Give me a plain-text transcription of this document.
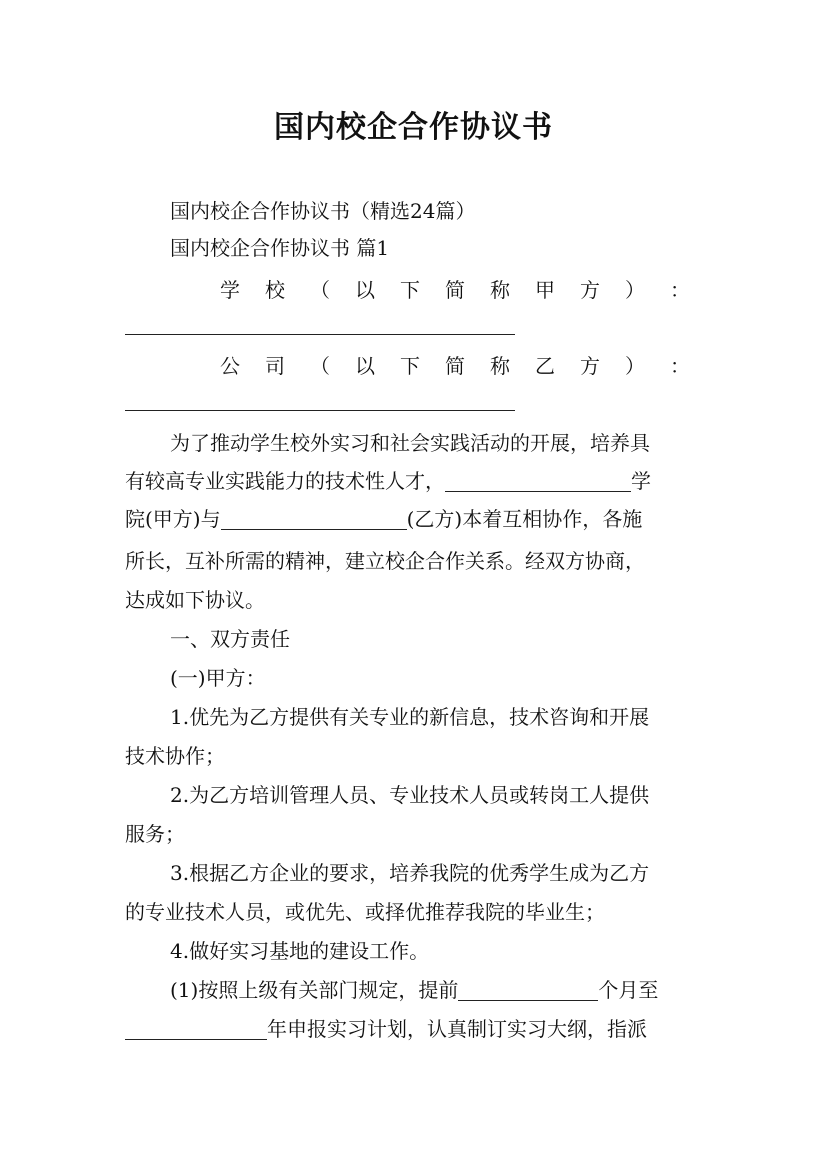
国内校企合作协议书
国内校企合作协议书（精选24篇）
国内校企合作协议书 篇1
学 校 （ 以 下 简 称 甲 方 ） ：
公 司 （ 以 下 简 称 乙 方 ） ：
为了推动学生校外实习和社会实践活动的开展，培养具
有较高专业实践能力的技术性人才，	学
院(甲方)与	(乙方)本着互相协作，各施
所长，互补所需的精神，建立校企合作关系。经双方协商，
达成如下协议。
一、双方责任
(一)甲方：
1.优先为乙方提供有关专业的新信息，技术咨询和开展
技术协作；
2.为乙方培训管理人员、专业技术人员或转岗工人提供
服务；
3.根据乙方企业的要求，培养我院的优秀学生成为乙方
的专业技术人员，或优先、或择优推荐我院的毕业生；
4.做好实习基地的建设工作。
(1)按照上级有关部门规定，提前	个月至
年申报实习计划，认真制订实习大纲，指派
